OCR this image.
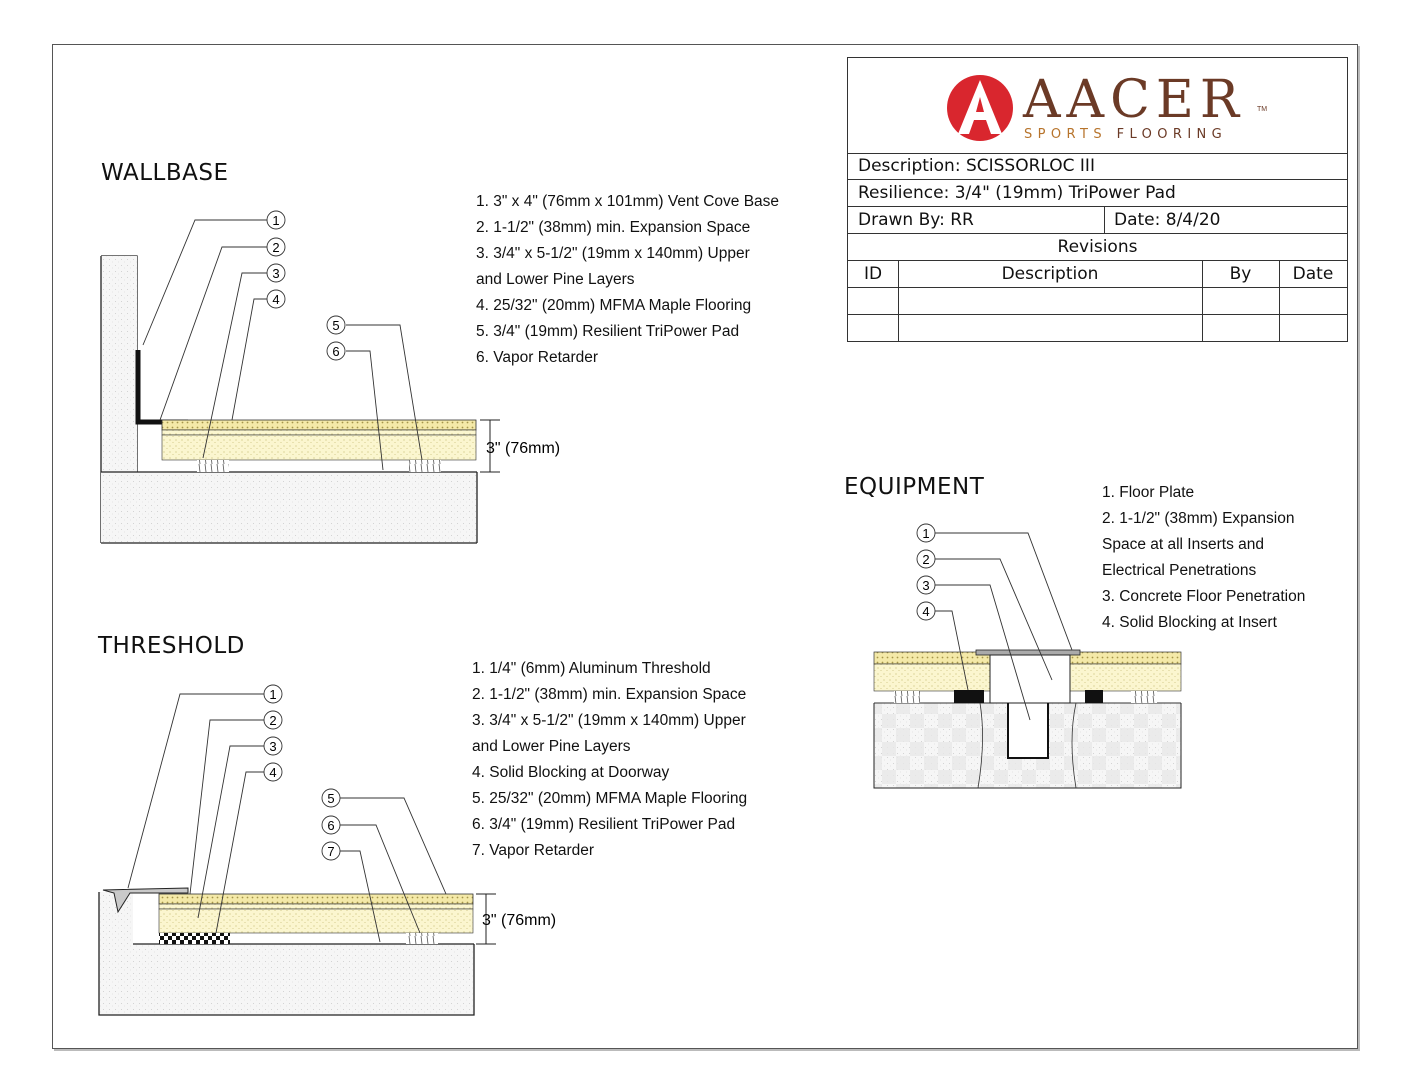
AACER TM
SPORTS FLOORING
Description: SCISSORLOC III
Resilience: 3/4" (19mm) TriPower Pad
Drawn By: RR	Date: 8/4/20
Revisions
ID	Description	By	Date
WALLBASE
THRESHOLD
EQUIPMENT
1. 3" x 4" (76mm x 101mm) Vent Cove Base
2. 1-1/2" (38mm) min. Expansion Space
3. 3/4" x 5-1/2" (19mm x 140mm) Upper
and Lower Pine Layers
4. 25/32" (20mm) MFMA Maple Flooring
5. 3/4" (19mm) Resilient TriPower Pad
6. Vapor Retarder
1. 1/4" (6mm) Aluminum Threshold
2. 1-1/2" (38mm) min. Expansion Space
3. 3/4" x 5-1/2" (19mm x 140mm) Upper
and Lower Pine Layers
4. Solid Blocking at Doorway
5. 25/32" (20mm) MFMA Maple Flooring
6. 3/4" (19mm) Resilient TriPower Pad
7. Vapor Retarder
1. Floor Plate
2. 1-1/2" (38mm) Expansion
Space at all Inserts and
Electrical Penetrations
3. Concrete Floor Penetration
4. Solid Blocking at Insert
3" (76mm)
1
2
3
4
5
6
3" (76mm)
1
2
3
4
5
6
7
1
2
3
4
